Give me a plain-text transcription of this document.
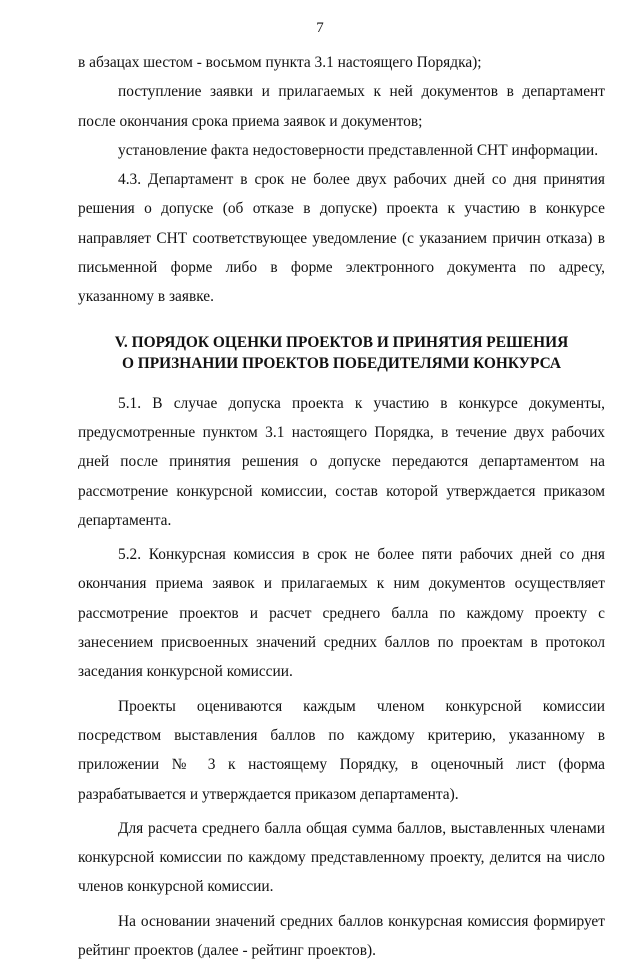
7

в абзацах шестом - восьмом пункта 3.1 настоящего Порядка);

поступление заявки и прилагаемых к ней документов в департамент после окончания срока приема заявок и документов;

установление факта недостоверности представленной СНТ информации.

4.3. Департамент в срок не более двух рабочих дней со дня принятия решения о допуске (об отказе в допуске) проекта к участию в конкурсе направляет СНТ соответствующее уведомление (с указанием причин отказа) в письменной форме либо в форме электронного документа по адресу, указанному в заявке.

V. ПОРЯДОК ОЦЕНКИ ПРОЕКТОВ И ПРИНЯТИЯ РЕШЕНИЯ
О ПРИЗНАНИИ ПРОЕКТОВ ПОБЕДИТЕЛЯМИ КОНКУРСА

5.1. В случае допуска проекта к участию в конкурсе документы, предусмотренные пунктом 3.1 настоящего Порядка, в течение двух рабочих дней после принятия решения о допуске передаются департаментом на рассмотрение конкурсной комиссии, состав которой утверждается приказом департамента.

5.2. Конкурсная комиссия в срок не более пяти рабочих дней со дня окончания приема заявок и прилагаемых к ним документов осуществляет рассмотрение проектов и расчет среднего балла по каждому проекту с занесением присвоенных значений средних баллов по проектам в протокол заседания конкурсной комиссии.

Проекты оцениваются каждым членом конкурсной комиссии посредством выставления баллов по каждому критерию, указанному в приложении № 3 к настоящему Порядку, в оценочный лист (форма разрабатывается и утверждается приказом департамента).

Для расчета среднего балла общая сумма баллов, выставленных членами конкурсной комиссии по каждому представленному проекту, делится на число членов конкурсной комиссии.

На основании значений средних баллов конкурсная комиссия формирует рейтинг проектов (далее - рейтинг проектов).
